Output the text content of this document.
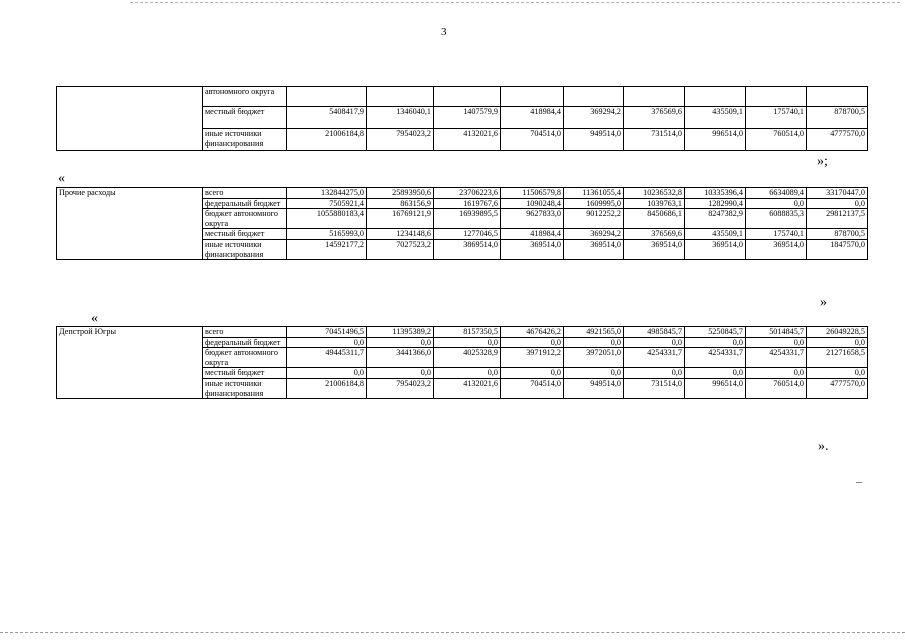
3
	автономного округа									
	местный бюджет	5408417,9	1346040,1	1407579,9	418984,4	369294,2	376569,6	435509,1	175740,1	878700,5
	иные источники финансирования	21006184,8	7954023,2	4132021,6	704514,0	949514,0	731514,0	996514,0	760514,0	4777570,0
»;
«
Прочие расходы	всего	132844275,0	25893950,6	23706223,6	11506579,8	11361055,4	10236532,8	10335396,4	6634089,4	33170447,0
	федеральный бюджет	7505921,4	863156,9	1619767,6	1090248,4	1609995,0	1039763,1	1282990,4	0,0	0,0
	бюджет автономного округа	1055880183,4	16769121,9	16939895,5	9627833,0	9012252,2	8450686,1	8247382,9	6088835,3	29812137,5
	местный бюджет	5165993,0	1234148,6	1277046,5	418984,4	369294,2	376569,6	435509,1	175740,1	878700,5
	иные источники финансирования	14592177,2	7027523,2	3869514,0	369514,0	369514,0	369514,0	369514,0	369514,0	1847570,0
»
«
Депстрой Югры	всего	70451496,5	11395389,2	8157350,5	4676426,2	4921565,0	4985845,7	5250845,7	5014845,7	26049228,5
	федеральный бюджет	0,0	0,0	0,0	0,0	0,0	0,0	0,0	0,0	0,0
	бюджет автономного округа	49445311,7	3441366,0	4025328,9	3971912,2	3972051,0	4254331,7	4254331,7	4254331,7	21271658,5
	местный бюджет	0,0	0,0	0,0	0,0	0,0	0,0	0,0	0,0	0,0
	иные источники финансирования	21006184,8	7954023,2	4132021,6	704514,0	949514,0	731514,0	996514,0	760514,0	4777570,0
».
